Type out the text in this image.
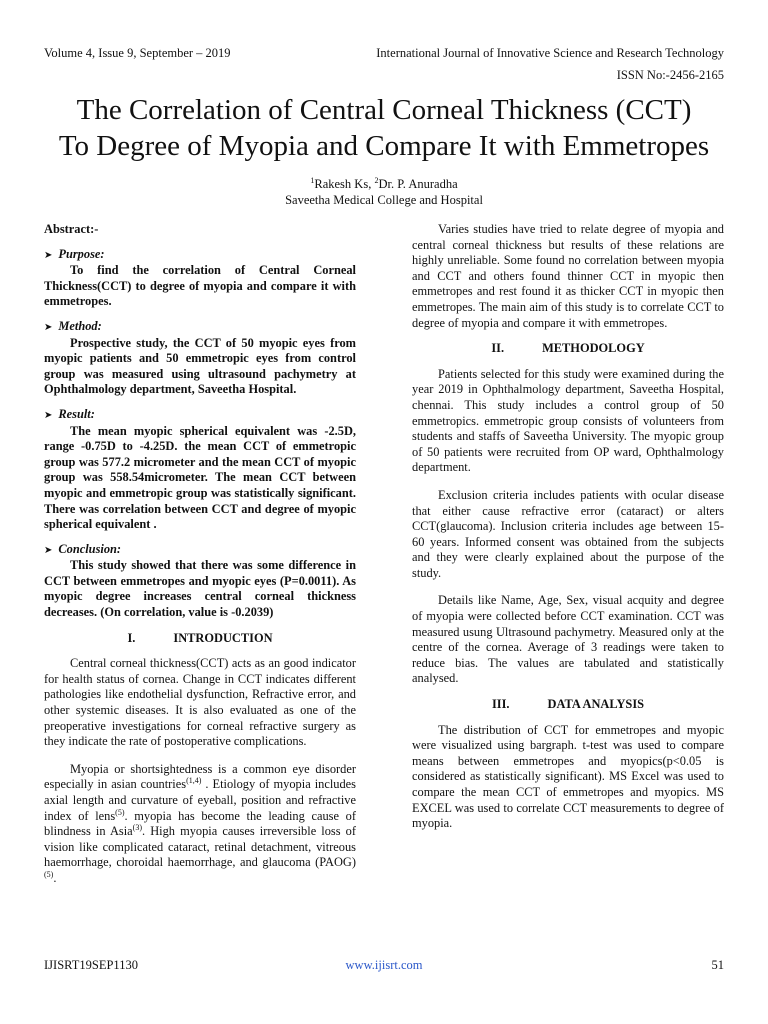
Volume 4, Issue 9, September – 2019	International Journal of Innovative Science and Research Technology
ISSN No:-2456-2165
The Correlation of Central Corneal Thickness (CCT)
To Degree of Myopia and Compare It with Emmetropes
$^1$Rakesh Ks, $^2$Dr. P. Anuradha
Saveetha Medical College and Hospital

Abstract:-

➤ Purpose:

To find the correlation of Central Corneal Thickness(CCT) to degree of myopia and compare it with emmetropes.

➤ Method:

Prospective study, the CCT of 50 myopic eyes from myopic patients and 50 emmetropic eyes from control group was measured using ultrasound pachymetry at Ophthalmology department, Saveetha Hospital.

➤ Result:

The mean myopic spherical equivalent was -2.5D, range -0.75D to -4.25D. the mean CCT of emmetropic group was 577.2 micrometer and the mean CCT of myopic group was 558.54micrometer. The mean CCT between myopic and emmetropic group was statistically significant. There was correlation between CCT and degree of myopic spherical equivalent .

➤ Conclusion:

This study showed that there was some difference in CCT between emmetropes and myopic eyes (P=0.0011). As myopic degree increases central corneal thickness decreases. (On correlation, value is -0.2039)

I.	INTRODUCTION

Central corneal thickness(CCT) acts as an good indicator for health status of cornea. Change in CCT indicates different pathologies like endothelial dysfunction, Refractive error, and other systemic diseases. It is also evaluated as one of the preoperative investigations for corneal refractive surgery as they indicate the rate of postoperative complications.

Myopia or shortsightedness is a common eye disorder especially in asian countries$^{(1,4)}$ . Etiology of myopia includes axial length and curvature of eyeball, position and refractive index of lens$^{(5)}$. myopia has become the leading cause of blindness in Asia$^{(3)}$. High myopia causes irreversible loss of vision like complicated cataract, retinal detachment, vitreous haemorrhage, choroidal haemorrhage, and glaucoma (PAOG)$^{(5)}$.

Varies studies have tried to relate degree of myopia and central corneal thickness but results of these relations are highly unreliable. Some found no correlation between myopia and CCT and others found thinner CCT in myopic then emmetropes and rest found it as thicker CCT in myopic then emmetropes. The main aim of this study is to correlate CCT to degree of myopia and compare it with emmetropes.

II.	METHODOLOGY

Patients selected for this study were examined during the year 2019 in Ophthalmology department, Saveetha Hospital, chennai. This study includes a control group of 50 emmetropics. emmetropic group consists of volunteers from students and staffs of Saveetha University. The myopic group of 50 patients were recruited from OP ward, Ophthalmology department.

Exclusion criteria includes patients with ocular disease that either cause refractive error (cataract) or alters CCT(glaucoma). Inclusion criteria includes age between 15-60 years. Informed consent was obtained from the subjects and they were clearly explained about the purpose of the study.

Details like Name, Age, Sex, visual acquity and degree of myopia were collected before CCT examination. CCT was measured usung Ultrasound pachymetry. Measured only at the centre of the cornea. Average of 3 readings were taken to reduce bias. The values are tabulated and statistically analysed.

III.	DATA ANALYSIS

The distribution of CCT for emmetropes and myopic were visualized using bargraph. t-test was used to compare means between emmetropes and myopics(p<0.05 is considered as statistically significant). MS Excel was used to compare the mean CCT of emmetropes and myopics. MS EXCEL was used to correlate CCT measurements to degree of myopia.

IJISRT19SEP1130	www.ijisrt.com	51
